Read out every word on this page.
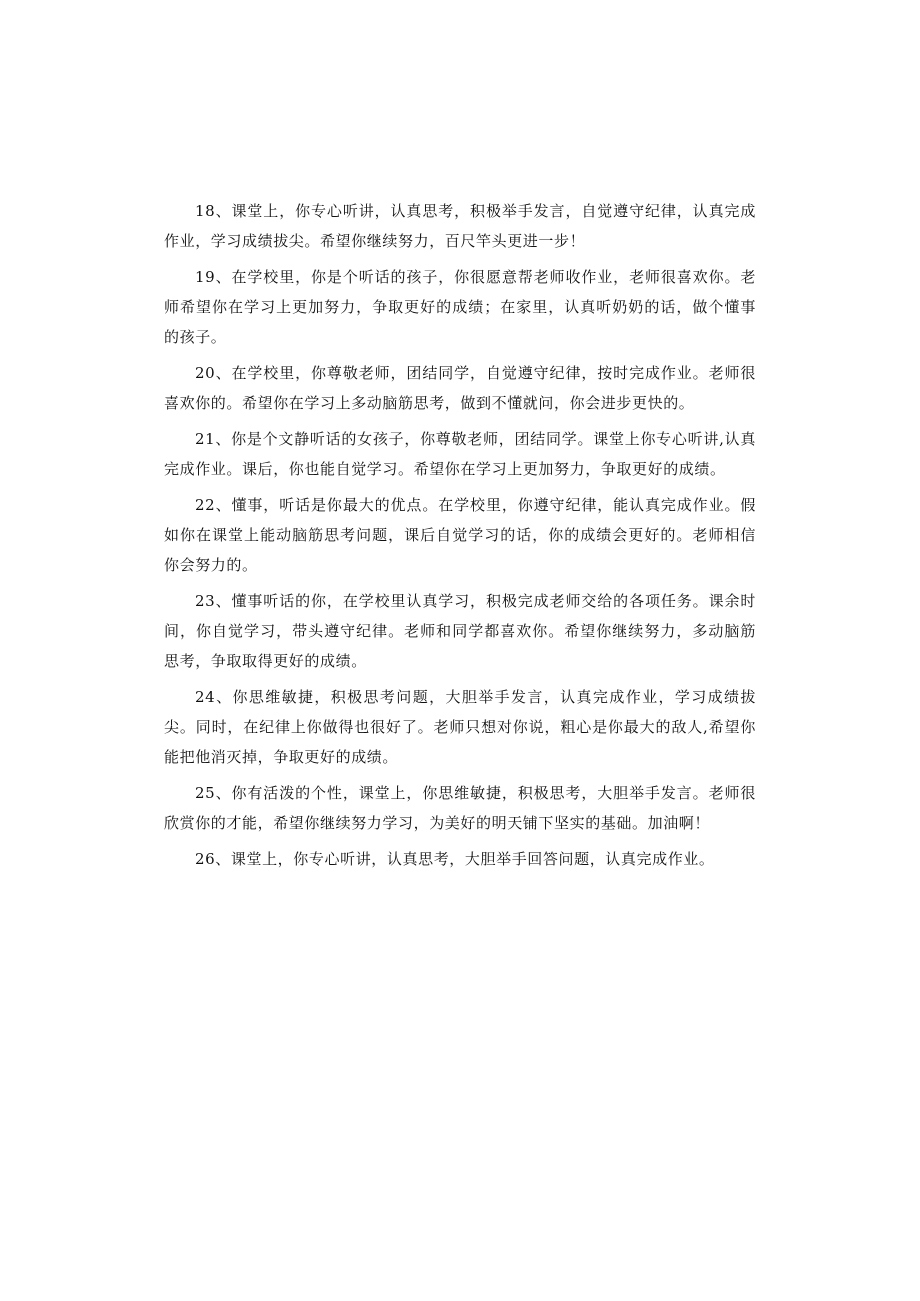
18、课堂上，你专心听讲，认真思考，积极举手发言，自觉遵守纪律，认真完成作业，学习成绩拔尖。希望你继续努力，百尺竿头更进一步！

19、在学校里，你是个听话的孩子，你很愿意帮老师收作业，老师很喜欢你。老师希望你在学习上更加努力，争取更好的成绩；在家里，认真听奶奶的话，做个懂事的孩子。

20、在学校里，你尊敬老师，团结同学，自觉遵守纪律，按时完成作业。老师很喜欢你的。希望你在学习上多动脑筋思考，做到不懂就问，你会进步更快的。

21、你是个文静听话的女孩子，你尊敬老师，团结同学。课堂上你专心听讲,认真完成作业。课后，你也能自觉学习。希望你在学习上更加努力，争取更好的成绩。

22、懂事，听话是你最大的优点。在学校里，你遵守纪律，能认真完成作业。假如你在课堂上能动脑筋思考问题，课后自觉学习的话，你的成绩会更好的。老师相信你会努力的。

23、懂事听话的你，在学校里认真学习，积极完成老师交给的各项任务。课余时间，你自觉学习，带头遵守纪律。老师和同学都喜欢你。希望你继续努力，多动脑筋思考，争取取得更好的成绩。

24、你思维敏捷，积极思考问题，大胆举手发言，认真完成作业，学习成绩拔尖。同时，在纪律上你做得也很好了。老师只想对你说，粗心是你最大的敌人,希望你能把他消灭掉，争取更好的成绩。

25、你有活泼的个性，课堂上，你思维敏捷，积极思考，大胆举手发言。老师很欣赏你的才能，希望你继续努力学习，为美好的明天铺下坚实的基础。加油啊！

26、课堂上，你专心听讲，认真思考，大胆举手回答问题，认真完成作业。
